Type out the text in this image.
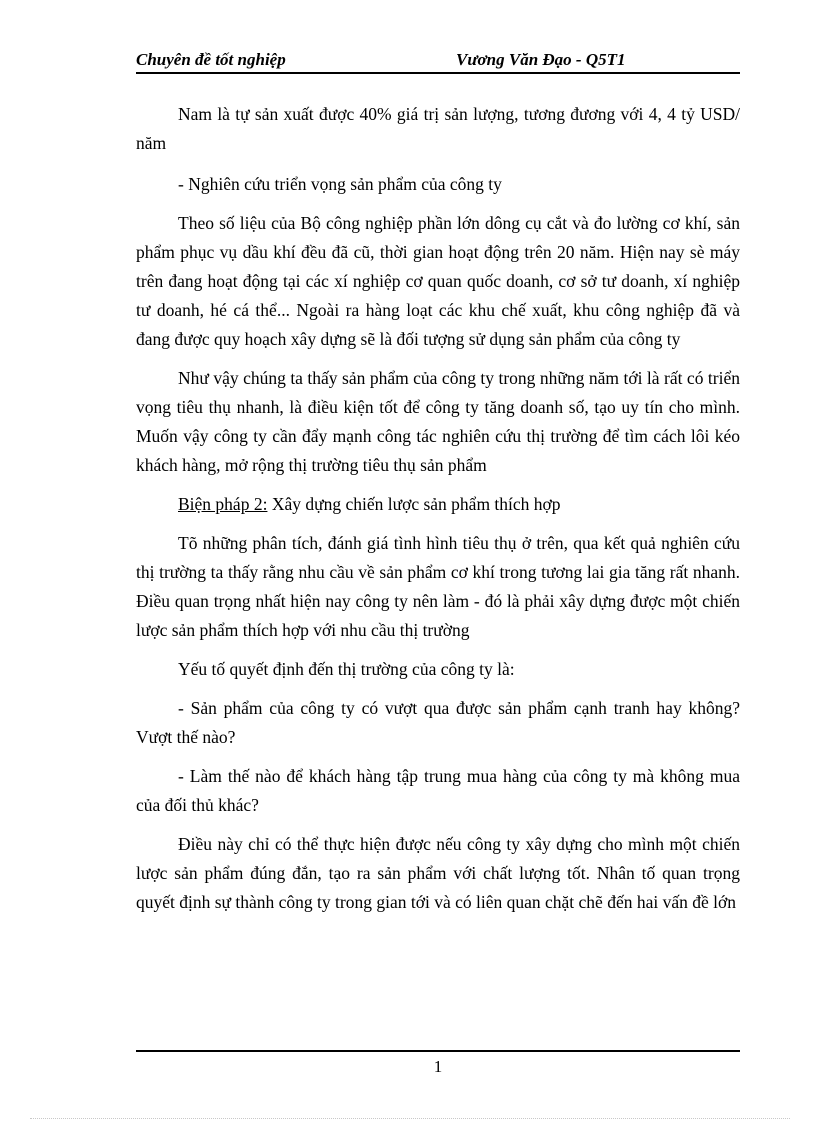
Chuyên đề tốt nghiệp	Vương Văn Đạo - Q5T1

Nam là tự sản xuất được 40% giá trị sản lượng, tương đương với 4, 4 tỷ USD/ năm

- Nghiên cứu triển vọng sản phẩm của công ty

Theo số liệu của Bộ công nghiệp phần lớn dông cụ cắt và đo lường cơ khí, sản phẩm phục vụ dầu khí đều đã cũ, thời gian hoạt động trên 20 năm. Hiện nay sè máy trên đang hoạt động tại các xí nghiệp cơ quan quốc doanh, cơ sở tư doanh, xí nghiệp tư doanh, hé cá thể... Ngoài ra hàng loạt các khu chế xuất, khu công nghiệp đã và đang được quy hoạch xây dựng sẽ là đối tượng sử dụng sản phẩm của công ty

Như vậy chúng ta thấy sản phẩm của công ty trong những năm tới là rất có triển vọng tiêu thụ nhanh, là điều kiện tốt để công ty tăng doanh số, tạo uy tín cho mình. Muốn vậy công ty cần đẩy mạnh công tác nghiên cứu thị trường để tìm cách lôi kéo khách hàng, mở rộng thị trường tiêu thụ sản phẩm

Biện pháp 2: Xây dựng chiến lược sản phẩm thích hợp

Tõ những phân tích, đánh giá tình hình tiêu thụ ở trên, qua kết quả nghiên cứu thị trường ta thấy rằng nhu cầu về sản phẩm cơ khí trong tương lai gia tăng rất nhanh. Điều quan trọng nhất hiện nay công ty nên làm - đó là phải xây dựng được một chiến lược sản phẩm thích hợp với nhu cầu thị trường

Yếu tố quyết định đến thị trường của công ty là:

- Sản phẩm của công ty có vượt qua được sản phẩm cạnh tranh hay không? Vượt thế nào?

- Làm thế nào để khách hàng tập trung mua hàng của công ty mà không mua của đối thủ khác?

Điều này chỉ có thể thực hiện được nếu công ty xây dựng cho mình một chiến lược sản phẩm đúng đắn, tạo ra sản phẩm với chất lượng tốt. Nhân tố quan trọng quyết định sự thành công ty trong gian tới và có liên quan chặt chẽ đến hai vấn đề lớn

1
